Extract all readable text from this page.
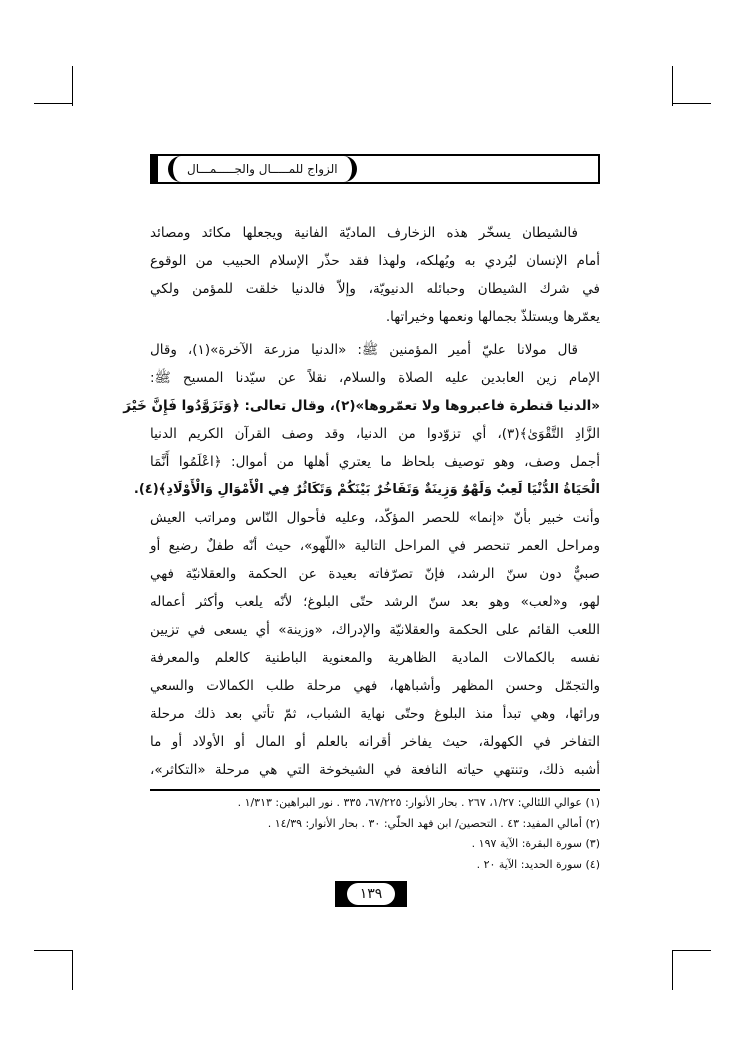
الزواج للمـــــال والجـــــمـــال
فالشيطان يسخّر هذه الزخارف الماديّة الفانية ويجعلها مكائد ومصائد
أمام الإنسان ليُردي به ويُهلكه، ولهذا فقد حذّر الإسلام الحبيب من الوقوع
في شرك الشيطان وحبائله الدنيويّة، وإلاّ فالدنيا خلقت للمؤمن ولكي
يعمّرها ويستلذّ بجمالها ونعمها وخيراتها.
قال مولانا عليّ أمير المؤمنين ﷺ: «الدنيا مزرعة الآخرة»(١)، وقال
الإمام زين العابدين عليه الصلاة والسلام، نقلاً عن سيّدنا المسيح ﷺ:
«الدنيا قنطرة فاعبروها ولا تعمّروها»(٢)، وقال تعالى: ﴿وَتَزَوَّدُوا فَإِنَّ خَيْرَ
الزَّادِ التَّقْوَىٰ﴾(٣)، أي تزوّدوا من الدنيا، وقد وصف القرآن الكريم الدنيا
أجمل وصف، وهو توصيف بلحاظ ما يعتري أهلها من أموال: ﴿اعْلَمُوا أَنَّمَا
الْحَيَاةُ الدُّنْيَا لَعِبٌ وَلَهْوٌ وَزِينَةٌ وَتَفَاخُرٌ بَيْنَكُمْ وَتَكَاثُرٌ فِي الْأَمْوَالِ وَالْأَوْلَادِ﴾(٤).
وأنت خبير بأنّ «إنما» للحصر المؤكّد، وعليه فأحوال النّاس ومراتب العيش
ومراحل العمر تنحصر في المراحل التالية «اللّهو»، حيث أنّه طفلٌ رضيع أو
صبيٌّ دون سنّ الرشد، فإنّ تصرّفاته بعيدة عن الحكمة والعقلانيّة فهي
لهو، و«لعب» وهو بعد سنّ الرشد حتّى البلوغ؛ لأنّه يلعب وأكثر أعماله
اللعب القائم على الحكمة والعقلانيّة والإدراك، «وزينة» أي يسعى في تزيين
نفسه بالكمالات المادية الظاهرية والمعنوية الباطنية كالعلم والمعرفة
والتجمّل وحسن المظهر وأشباهها، فهي مرحلة طلب الكمالات والسعي
ورائها، وهي تبدأ منذ البلوغ وحتّى نهاية الشباب، ثمّ تأتي بعد ذلك مرحلة
التفاخر في الكهولة، حيث يفاخر أقرانه بالعلم أو المال أو الأولاد أو ما
أشبه ذلك، وتنتهي حياته النافعة في الشيخوخة التي هي مرحلة «التكاثر»،
(١) عوالي اللئالي: ١/٢٧، ٢٦٧ . بحار الأنوار: ٦٧/٢٢٥، ٣٣٥ . نور البراهين: ١/٣١٣ .
(٢) أمالي المفيد: ٤٣ . التحصين/ ابن فهد الحلّي: ٣٠ . بحار الأنوار: ١٤/٣٩ .
(٣) سورة البقرة: الآية ١٩٧ .
(٤) سورة الحديد: الآية ٢٠ .
١٣٩
